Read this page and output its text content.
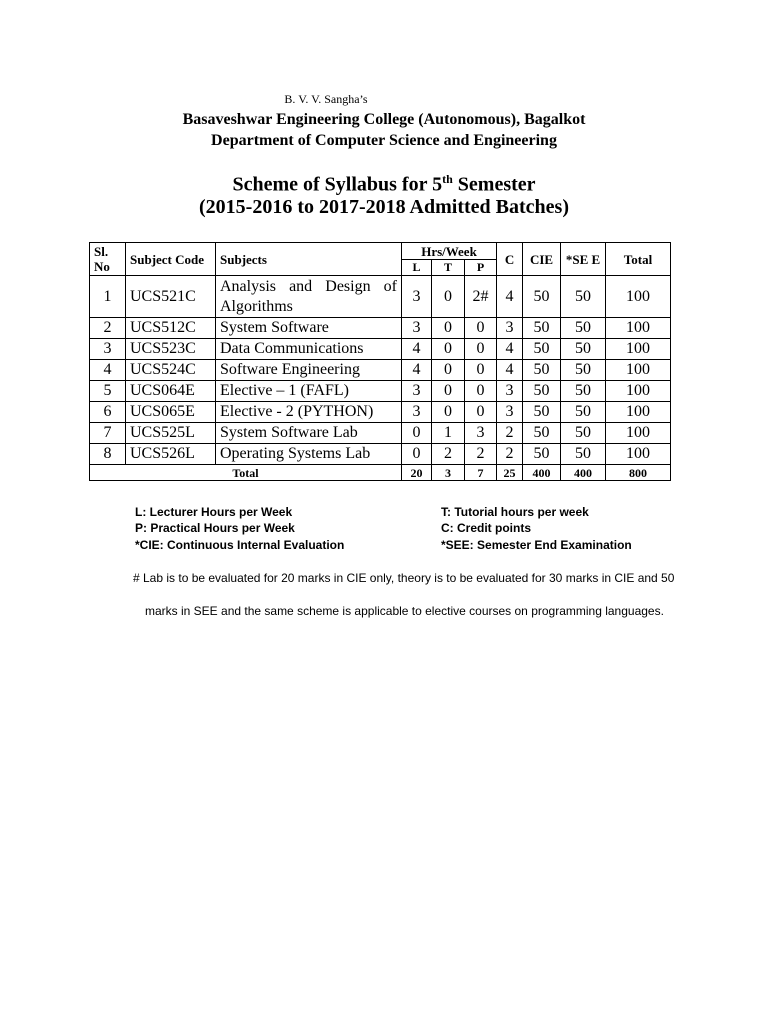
B. V. V. Sangha’s
Basaveshwar Engineering College (Autonomous), Bagalkot
Department of Computer Science and Engineering
Scheme of Syllabus for 5th Semester
(2015-2016 to 2017-2018 Admitted Batches)
Sl. No	Subject Code	Subjects	Hrs/Week			C	CIE	*SE E	Total
			L	T	P				
1	UCS521C	Analysis and Design of Algorithms	3	0	2#	4	50	50	100
2	UCS512C	System Software	3	0	0	3	50	50	100
3	UCS523C	Data Communications	4	0	0	4	50	50	100
4	UCS524C	Software Engineering	4	0	0	4	50	50	100
5	UCS064E	Elective – 1 (FAFL)	3	0	0	3	50	50	100
6	UCS065E	Elective - 2 (PYTHON)	3	0	0	3	50	50	100
7	UCS525L	System Software Lab	0	1	3	2	50	50	100
8	UCS526L	Operating Systems Lab	0	2	2	2	50	50	100
Total			20	3	7	25	400	400	800
L: Lecturer Hours per Week	T: Tutorial hours per week
P: Practical Hours per Week	C: Credit points
*CIE: Continuous Internal Evaluation	*SEE: Semester End Examination
# Lab is to be evaluated for 20 marks in CIE only, theory is to be evaluated for 30 marks in CIE and 50
marks in SEE and the same scheme is applicable to elective courses on programming languages.
